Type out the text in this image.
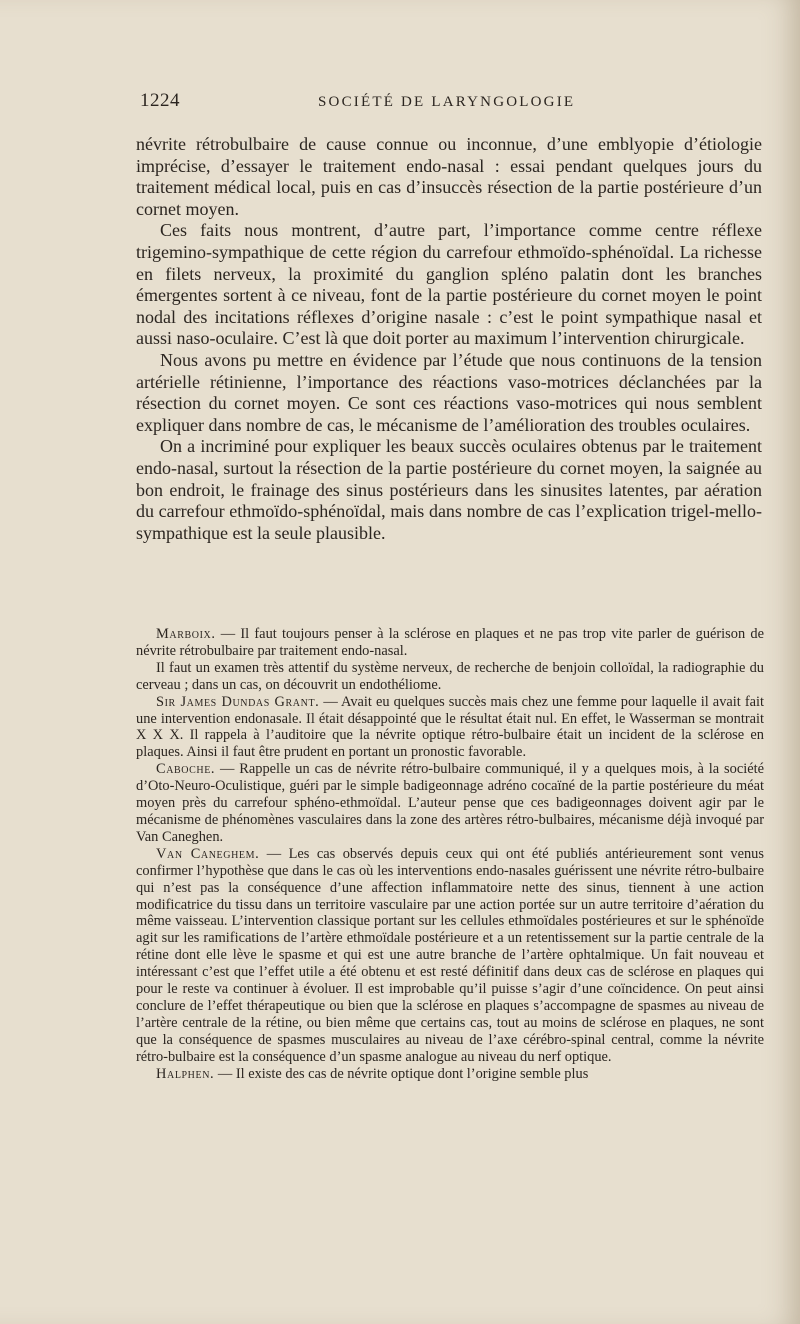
1224	SOCIÉTÉ DE LARYNGOLOGIE

névrite rétrobulbaire de cause connue ou inconnue, d’une emblyopie d’étiologie imprécise, d’essayer le traitement endo-nasal : essai pendant quelques jours du traitement médical local, puis en cas d’insuccès résection de la partie postérieure d’un cornet moyen.

Ces faits nous montrent, d’autre part, l’importance comme centre réflexe trigemino-sympathique de cette région du carrefour ethmoïdo-sphénoïdal. La richesse en filets nerveux, la proximité du ganglion spléno palatin dont les branches émergentes sortent à ce niveau, font de la partie postérieure du cornet moyen le point nodal des incitations réflexes d’origine nasale : c’est le point sympathique nasal et aussi naso-oculaire. C’est là que doit porter au maximum l’intervention chirurgicale.

Nous avons pu mettre en évidence par l’étude que nous continuons de la tension artérielle rétinienne, l’importance des réactions vaso-motrices déclanchées par la résection du cornet moyen. Ce sont ces réactions vaso-motrices qui nous semblent expliquer dans nombre de cas, le mécanisme de l’amélioration des troubles oculaires.

On a incriminé pour expliquer les beaux succès oculaires obtenus par le traitement endo-nasal, surtout la résection de la partie postérieure du cornet moyen, la saignée au bon endroit, le frainage des sinus postérieurs dans les sinusites latentes, par aération du carrefour ethmoïdo-sphénoïdal, mais dans nombre de cas l’explication trigel-mello-sympathique est la seule plausible.

Marboix. — Il faut toujours penser à la sclérose en plaques et ne pas trop vite parler de guérison de névrite rétrobulbaire par traitement endo-nasal.

Il faut un examen très attentif du système nerveux, de recherche de benjoin colloïdal, la radiographie du cerveau ; dans un cas, on découvrit un endothéliome.

Sir James Dundas Grant. — Avait eu quelques succès mais chez une femme pour laquelle il avait fait une intervention endonasale. Il était désappointé que le résultat était nul. En effet, le Wasserman se montrait X X X. Il rappela à l’auditoire que la névrite optique rétro-bulbaire était un incident de la sclérose en plaques. Ainsi il faut être prudent en portant un pronostic favorable.

Caboche. — Rappelle un cas de névrite rétro-bulbaire communiqué, il y a quelques mois, à la société d’Oto-Neuro-Oculistique, guéri par le simple badigeonnage adréno cocaïné de la partie postérieure du méat moyen près du carrefour sphéno-ethmoïdal. L’auteur pense que ces badigeonnages doivent agir par le mécanisme de phénomènes vasculaires dans la zone des artères rétro-bulbaires, mécanisme déjà invoqué par Van Caneghen.

Van Caneghem. — Les cas observés depuis ceux qui ont été publiés antérieurement sont venus confirmer l’hypothèse que dans le cas où les interventions endo-nasales guérissent une névrite rétro-bulbaire qui n’est pas la conséquence d’une affection inflammatoire nette des sinus, tiennent à une action modificatrice du tissu dans un territoire vasculaire par une action portée sur un autre territoire d’aération du même vaisseau. L’intervention classique portant sur les cellules ethmoïdales postérieures et sur le sphénoïde agit sur les ramifications de l’artère ethmoïdale postérieure et a un retentissement sur la partie centrale de la rétine dont elle lève le spasme et qui est une autre branche de l’artère ophtalmique. Un fait nouveau et intéressant c’est que l’effet utile a été obtenu et est resté définitif dans deux cas de sclérose en plaques qui pour le reste va continuer à évoluer. Il est improbable qu’il puisse s’agir d’une coïncidence. On peut ainsi conclure de l’effet thérapeutique ou bien que la sclérose en plaques s’accompagne de spasmes au niveau de l’artère centrale de la rétine, ou bien même que certains cas, tout au moins de sclérose en plaques, ne sont que la conséquence de spasmes musculaires au niveau de l’axe cérébro-spinal central, comme la névrite rétro-bulbaire est la conséquence d’un spasme analogue au niveau du nerf optique.

Halphen. — Il existe des cas de névrite optique dont l’origine semble plus
